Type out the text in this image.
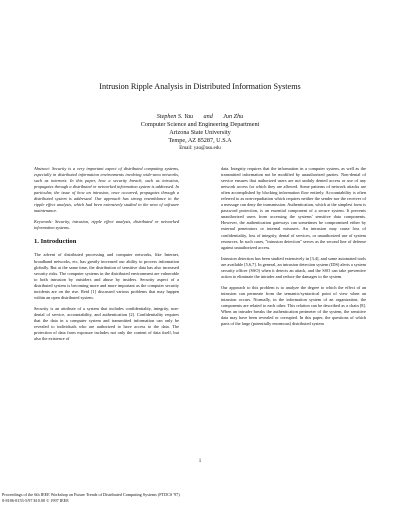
Intrusion Ripple Analysis in Distributed Information Systems
Stephen S. Yau and Jun Zhu
Computer Science and Engineering Department
Arizona State University
Tempe, AZ 85287, U.S.A
Email: yau@asu.edu

Abstract: Security is a very important aspect of distributed computing systems, especially in distributed information environments involving wide-area networks, such as internets. In this paper, how a security breach, such as intrusion, propagates through a distributed or networked information system is addressed. In particular, the issue of how an intrusion, once occurred, propagates through a distributed system is addressed. Our approach has strong resemblance to the ripple effect analysis, which had been extensively studied in the area of software maintenance.

Keywords: Security, intrusion, ripple effect analysis, distributed or networked information systems.

1. Introduction

The advent of distributed processing and computer networks, like Internet, broadband networks, etc, has greatly increased our ability to process information globally. But at the same time, the distribution of sensitive data has also increased security risks. The computer systems in the distributed environment are vulnerable to both intrusion by outsiders and abuse by insiders. Security aspect of a distributed system is becoming more and more important as the computer security incidents are on the rise. Reid [1] discussed various problems that may happen within an open distributed system.

Security is an attribute of a system that includes confidentiality, integrity, non-denial of service, accountability, and authentication [2]. Confidentiality requires that the data in a computer system and transmitted information can only be revealed to individuals who are authorized to have access to the data. The protection of data from exposure includes not only the content of data itself, but also the existence of

data. Integrity requires that the information in a computer system, as well as the transmitted information not be modified by unauthorized parties. Non-denial of service ensures that authorized users are not unduly denied access or use of any network access for which they are allowed. Some patterns of network attacks are often accomplished by blocking information flow entirely. Accountability is often referred to as non-repudiation which requires neither the sender nor the receiver of a message can deny the transmission. Authentication, which at the simplest form is password protection, is an essential component of a secure system. It prevents unauthorized users from accessing the systems' sensitive data components. However, the authentication gateways can sometimes be compromised either by external penetrators or internal misusers. An intrusion may cause loss of confidentiality, loss of integrity, denial of services, or unauthorized use of system resources. In such cases, "intrusion detection" serves as the second line of defense against unauthorized access.

Intrusion detection has been studied extensively in [3,4], and some automated tools are available [5,6,7]. In general, an intrusion detection system (IDS) alerts a system security officer (SSO) when it detects an attack, and the SSO can take preventive action to eliminate the intruder and reduce the damages to the system.

Our approach to this problem is to analyze the degree to which the effect of an intrusion can permeate from the semantic/syntactical point of view when an intrusion occurs. Normally, in the information system of an organization, the components are related to each other. This relation can be described as a chain [8]. When an intruder breaks the authentication perimeter of the system, the sensitive data may have been revealed or corrupted. In this paper, the questions of which parts of the large (potentially enormous) distributed system

1
Proceedings of the 6th IEEE Workshop on Future Trends of Distributed Computing Systems (FTDCS '97)
0-8186-8153-5/97 $10.00 © 1997 IEEE
